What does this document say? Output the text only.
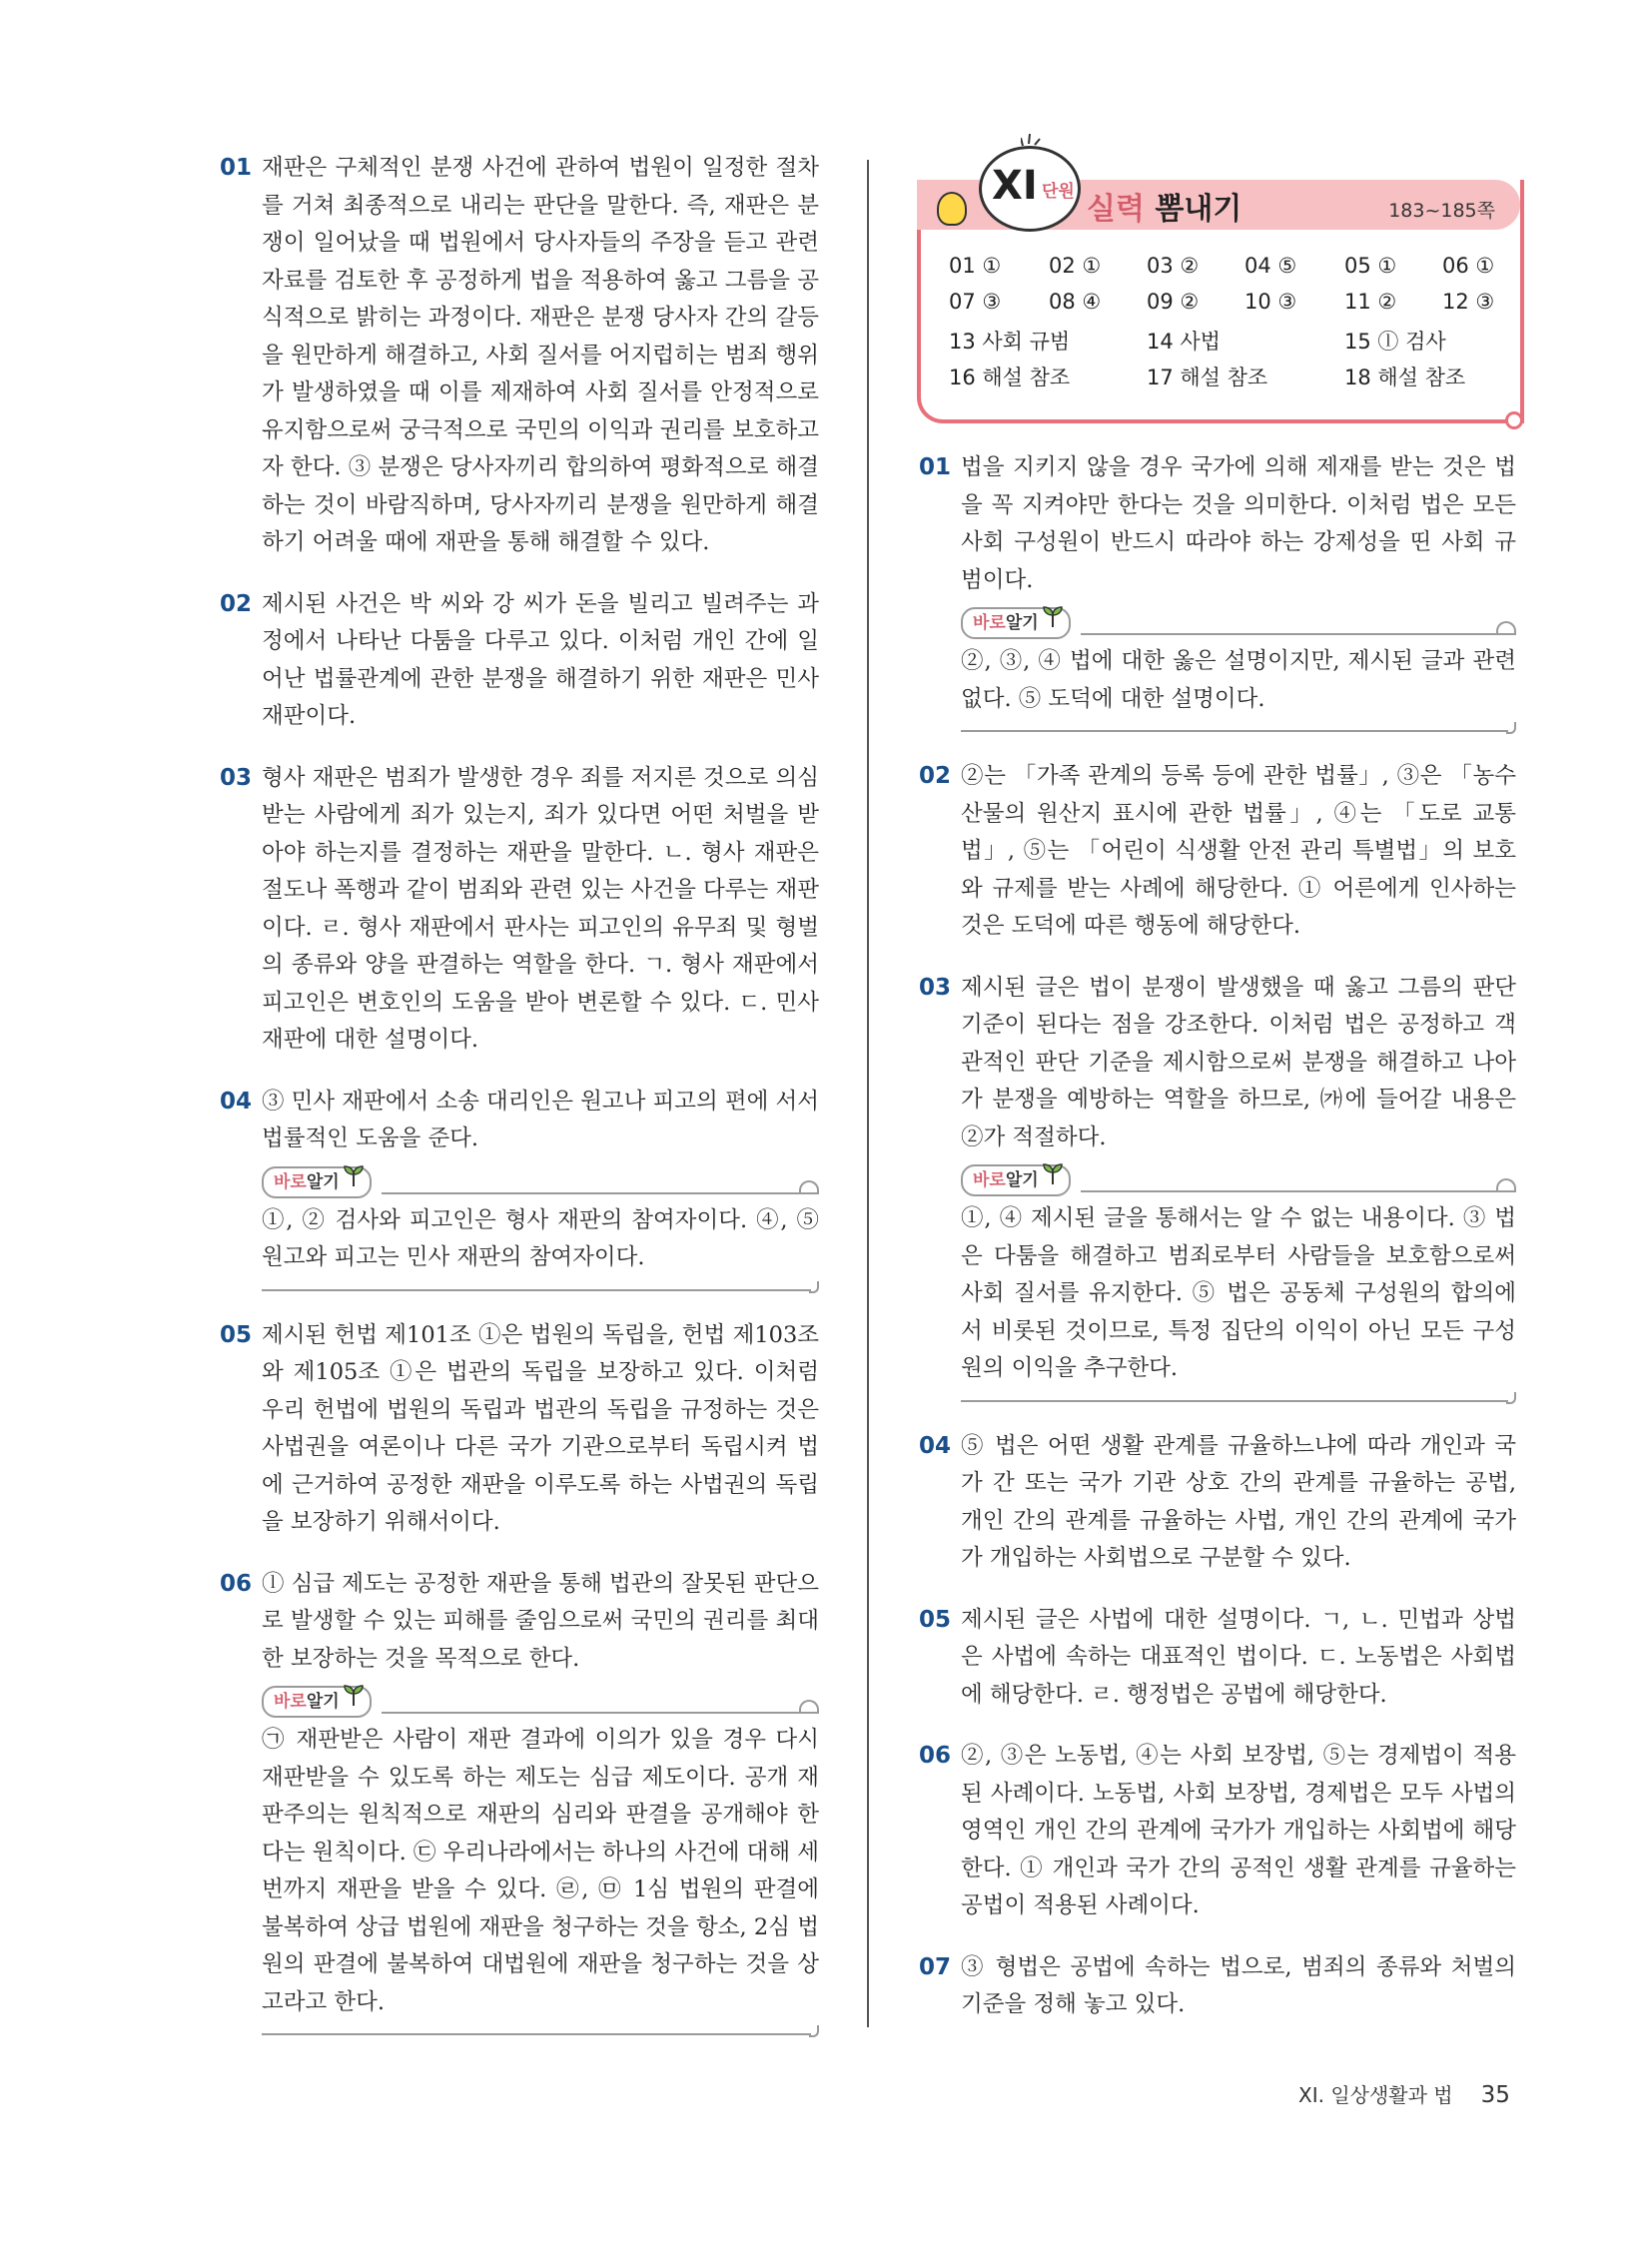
01 재판은 구체적인 분쟁 사건에 관하여 법원이 일정한 절차를 거쳐 최종적으로 내리는 판단을 말한다. 즉, 재판은 분쟁이 일어났을 때 법원에서 당사자들의 주장을 듣고 관련 자료를 검토한 후 공정하게 법을 적용하여 옳고 그름을 공식적으로 밝히는 과정이다. 재판은 분쟁 당사자 간의 갈등을 원만하게 해결하고, 사회 질서를 어지럽히는 범죄 행위가 발생하였을 때 이를 제재하여 사회 질서를 안정적으로 유지함으로써 궁극적으로 국민의 이익과 권리를 보호하고자 한다. ③ 분쟁은 당사자끼리 합의하여 평화적으로 해결하는 것이 바람직하며, 당사자끼리 분쟁을 원만하게 해결하기 어려울 때에 재판을 통해 해결할 수 있다.
02 제시된 사건은 박 씨와 강 씨가 돈을 빌리고 빌려주는 과정에서 나타난 다툼을 다루고 있다. 이처럼 개인 간에 일어난 법률관계에 관한 분쟁을 해결하기 위한 재판은 민사 재판이다.
03 형사 재판은 범죄가 발생한 경우 죄를 저지른 것으로 의심받는 사람에게 죄가 있는지, 죄가 있다면 어떤 처벌을 받아야 하는지를 결정하는 재판을 말한다. ㄴ. 형사 재판은 절도나 폭행과 같이 범죄와 관련 있는 사건을 다루는 재판이다. ㄹ. 형사 재판에서 판사는 피고인의 유무죄 및 형벌의 종류와 양을 판결하는 역할을 한다. ㄱ. 형사 재판에서 피고인은 변호인의 도움을 받아 변론할 수 있다. ㄷ. 민사 재판에 대한 설명이다.
04 ③ 민사 재판에서 소송 대리인은 원고나 피고의 편에 서서 법률적인 도움을 준다.
바로알기
①, ② 검사와 피고인은 형사 재판의 참여자이다. ④, ⑤ 원고와 피고는 민사 재판의 참여자이다.
05 제시된 헌법 제101조 ①은 법원의 독립을, 헌법 제103조와 제105조 ①은 법관의 독립을 보장하고 있다. 이처럼 우리 헌법에 법원의 독립과 법관의 독립을 규정하는 것은 사법권을 여론이나 다른 국가 기관으로부터 독립시켜 법에 근거하여 공정한 재판을 이루도록 하는 사법권의 독립을 보장하기 위해서이다.
06 ⓛ 심급 제도는 공정한 재판을 통해 법관의 잘못된 판단으로 발생할 수 있는 피해를 줄임으로써 국민의 권리를 최대한 보장하는 것을 목적으로 한다.
바로알기
㉠ 재판받은 사람이 재판 결과에 이의가 있을 경우 다시 재판받을 수 있도록 하는 제도는 심급 제도이다. 공개 재판주의는 원칙적으로 재판의 심리와 판결을 공개해야 한다는 원칙이다. ㉢ 우리나라에서는 하나의 사건에 대해 세 번까지 재판을 받을 수 있다. ㉣, ㉤ 1심 법원의 판결에 불복하여 상급 법원에 재판을 청구하는 것을 항소, 2심 법원의 판결에 불복하여 대법원에 재판을 청구하는 것을 상고라고 한다.
XI 단원 실력 뽐내기	183~185쪽
01 ① 02 ① 03 ② 04 ⑤ 05 ① 06 ①
07 ③ 08 ④ 09 ② 10 ③ 11 ② 12 ③
13 사회 규범	14 사법	15 ⓛ 검사
16 해설 참조	17 해설 참조	18 해설 참조
01 법을 지키지 않을 경우 국가에 의해 제재를 받는 것은 법을 꼭 지켜야만 한다는 것을 의미한다. 이처럼 법은 모든 사회 구성원이 반드시 따라야 하는 강제성을 띤 사회 규범이다.
바로알기
②, ③, ④ 법에 대한 옳은 설명이지만, 제시된 글과 관련 없다. ⑤ 도덕에 대한 설명이다.
02 ②는 「가족 관계의 등록 등에 관한 법률」, ③은 「농수산물의 원산지 표시에 관한 법률」, ④는 「도로 교통법」, ⑤는 「어린이 식생활 안전 관리 특별법」의 보호와 규제를 받는 사례에 해당한다. ① 어른에게 인사하는 것은 도덕에 따른 행동에 해당한다.
03 제시된 글은 법이 분쟁이 발생했을 때 옳고 그름의 판단 기준이 된다는 점을 강조한다. 이처럼 법은 공정하고 객관적인 판단 기준을 제시함으로써 분쟁을 해결하고 나아가 분쟁을 예방하는 역할을 하므로, ㈎에 들어갈 내용은 ②가 적절하다.
바로알기
①, ④ 제시된 글을 통해서는 알 수 없는 내용이다. ③ 법은 다툼을 해결하고 범죄로부터 사람들을 보호함으로써 사회 질서를 유지한다. ⑤ 법은 공동체 구성원의 합의에서 비롯된 것이므로, 특정 집단의 이익이 아닌 모든 구성원의 이익을 추구한다.
04 ⑤ 법은 어떤 생활 관계를 규율하느냐에 따라 개인과 국가 간 또는 국가 기관 상호 간의 관계를 규율하는 공법, 개인 간의 관계를 규율하는 사법, 개인 간의 관계에 국가가 개입하는 사회법으로 구분할 수 있다.
05 제시된 글은 사법에 대한 설명이다. ㄱ, ㄴ. 민법과 상법은 사법에 속하는 대표적인 법이다. ㄷ. 노동법은 사회법에 해당한다. ㄹ. 행정법은 공법에 해당한다.
06 ②, ③은 노동법, ④는 사회 보장법, ⑤는 경제법이 적용된 사례이다. 노동법, 사회 보장법, 경제법은 모두 사법의 영역인 개인 간의 관계에 국가가 개입하는 사회법에 해당한다. ① 개인과 국가 간의 공적인 생활 관계를 규율하는 공법이 적용된 사례이다.
07 ③ 형법은 공법에 속하는 법으로, 범죄의 종류와 처벌의 기준을 정해 놓고 있다.
XI. 일상생활과 법 35
